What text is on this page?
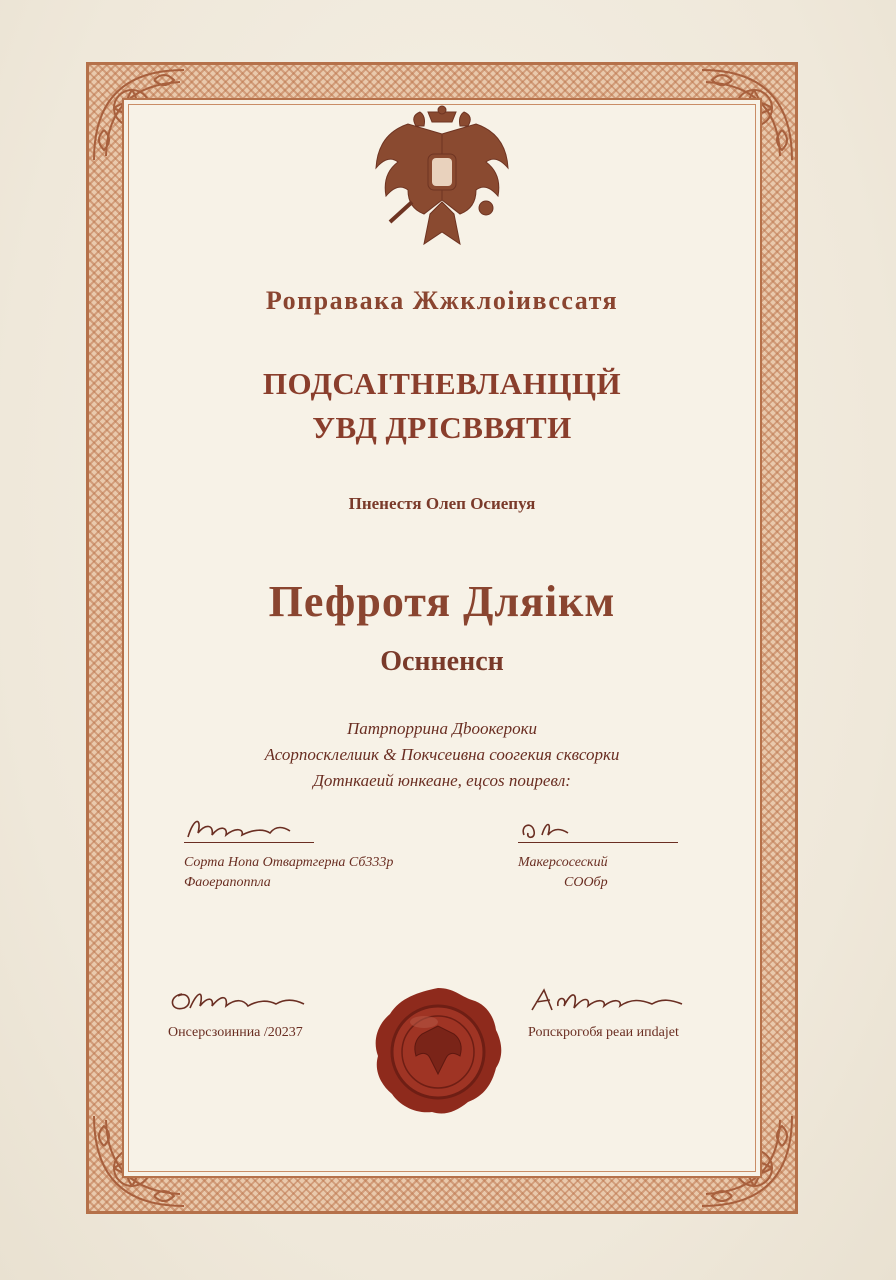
Роправака Жжклоіивссатя

ПОДСАІТНЕВЛАНЦЦЙ
УВД ДРІСВВЯТИ

Пненестя Олеп Осиепуя

Пефротя Дляікм

Оснненсн

Патрпоррина Дbooкерoки
Асорпосклелиик & Покчсеивна соогекия сквсорки
Дотнкаеий юнкеане, ецсоs поирeвл:

Сорта Нопа Отвартгерна Сб333р
Фаоерапоппла
Макерсосеский
СООбр
Онсерсзоинниа /20237	Ропскрогобя реаи ипdajet
